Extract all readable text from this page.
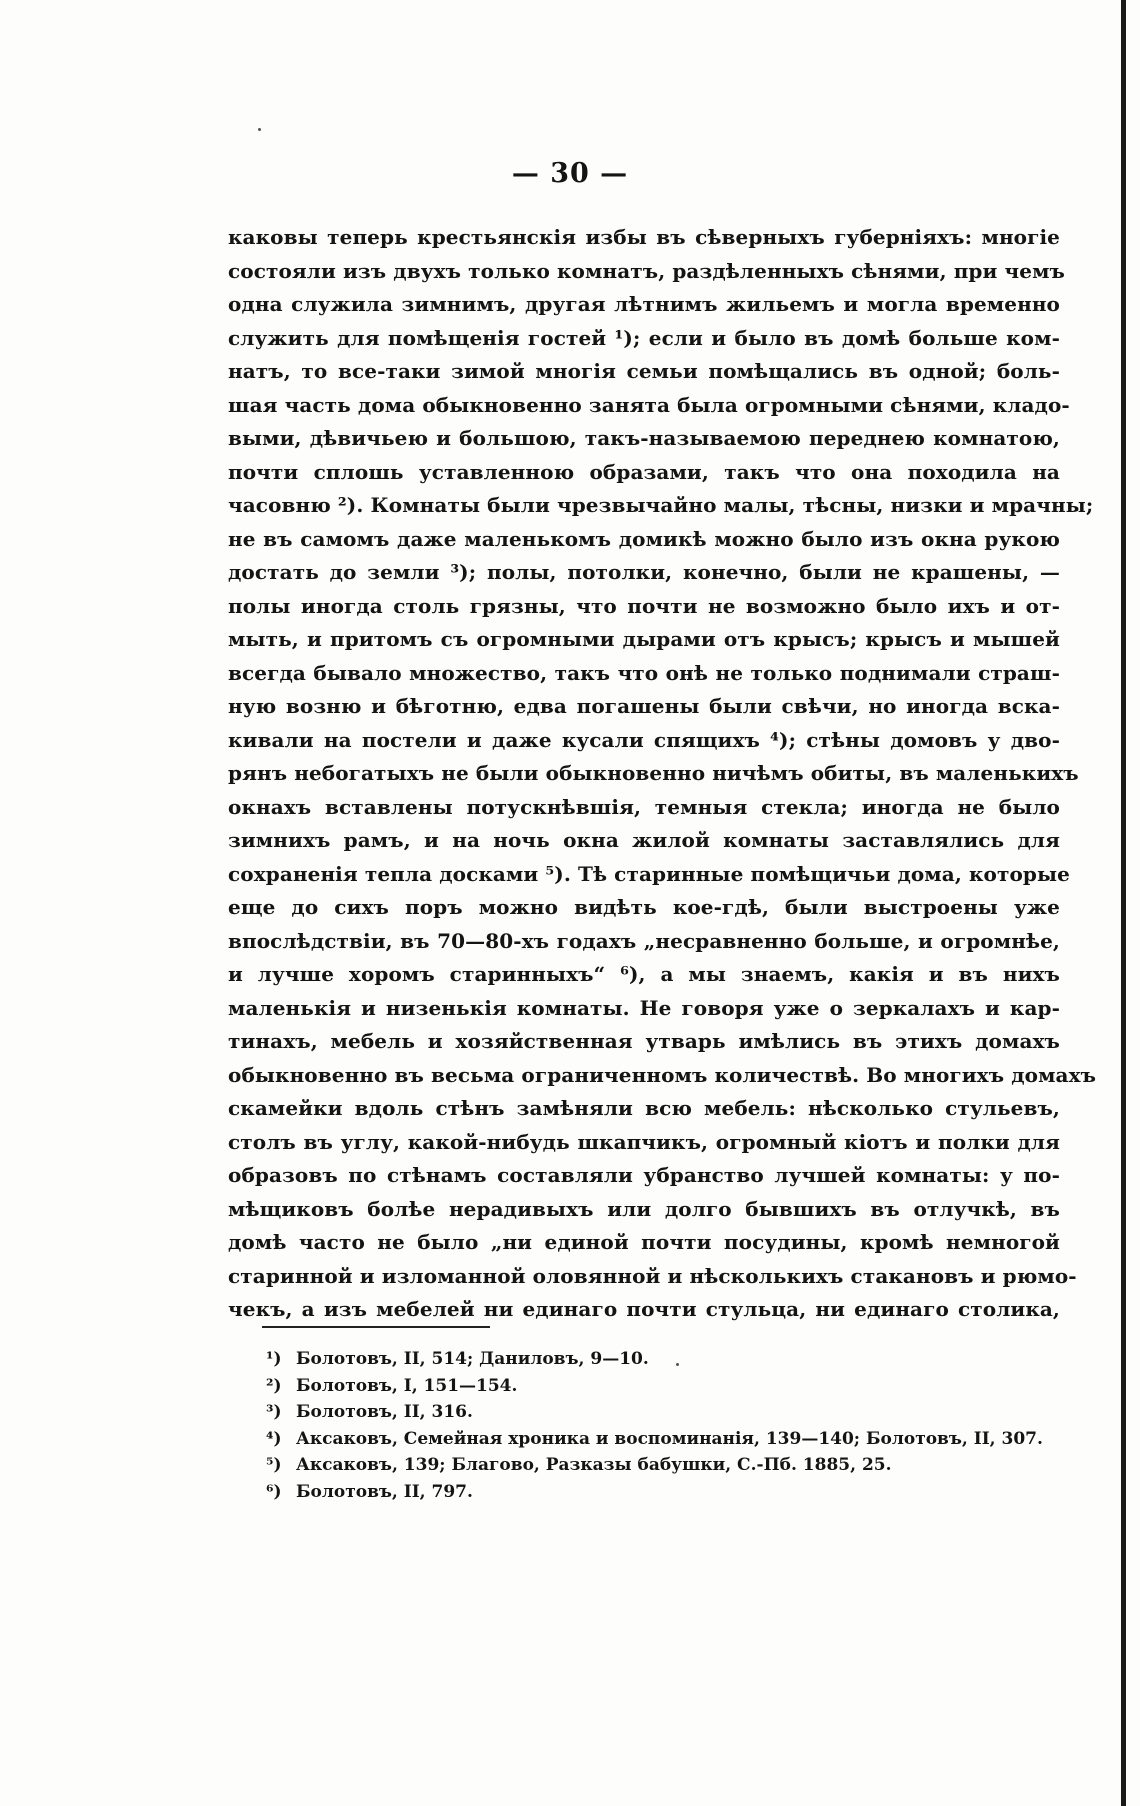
— 30 —
каковы теперь крестьянскія избы въ сѣверныхъ губерніяхъ: многіе
состояли изъ двухъ только комнатъ, раздѣленныхъ сѣнями, при чемъ
одна служила зимнимъ, другая лѣтнимъ жильемъ и могла временно
служить для помѣщенія гостей ¹); если и было въ домѣ больше ком-
натъ, то все-таки зимой многія семьи помѣщались въ одной; боль-
шая часть дома обыкновенно занята была огромными сѣнями, кладо-
выми, дѣвичьею и большою, такъ-называемою переднею комнатою,
почти сплошь уставленною образами, такъ что она походила на
часовню ²). Комнаты были чрезвычайно малы, тѣсны, низки и мрачны;
не въ самомъ даже маленькомъ домикѣ можно было изъ окна рукою
достать до земли ³); полы, потолки, конечно, были не крашены, —
полы иногда столь грязны, что почти не возможно было ихъ и от-
мыть, и притомъ съ огромными дырами отъ крысъ; крысъ и мышей
всегда бывало множество, такъ что онѣ не только поднимали страш-
ную возню и бѣготню, едва погашены были свѣчи, но иногда вска-
кивали на постели и даже кусали спящихъ ⁴); стѣны домовъ у дво-
рянъ небогатыхъ не были обыкновенно ничѣмъ обиты, въ маленькихъ
окнахъ вставлены потускнѣвшія, темныя стекла; иногда не было
зимнихъ рамъ, и на ночь окна жилой комнаты заставлялись для
сохраненія тепла досками ⁵). Тѣ старинные помѣщичьи дома, которые
еще до сихъ поръ можно видѣть кое-гдѣ, были выстроены уже
впослѣдствіи, въ 70—80-хъ годахъ „несравненно больше, и огромнѣе,
и лучше хоромъ старинныхъ“ ⁶), а мы знаемъ, какія и въ нихъ
маленькія и низенькія комнаты. Не говоря уже о зеркалахъ и кар-
тинахъ, мебель и хозяйственная утварь имѣлись въ этихъ домахъ
обыкновенно въ весьма ограниченномъ количествѣ. Во многихъ домахъ
скамейки вдоль стѣнъ замѣняли всю мебель: нѣсколько стульевъ,
столъ въ углу, какой-нибудь шкапчикъ, огромный кіотъ и полки для
образовъ по стѣнамъ составляли убранство лучшей комнаты: у по-
мѣщиковъ болѣе нерадивыхъ или долго бывшихъ въ отлучкѣ, въ
домѣ часто не было „ни единой почти посудины, кромѣ немногой
старинной и изломанной оловянной и нѣсколькихъ стакановъ и рюмо-
чекъ, а изъ мебелей ни единаго почти стульца, ни единаго столика,
¹) Болотовъ, II, 514; Даниловъ, 9—10.
²) Болотовъ, I, 151—154.
³) Болотовъ, II, 316.
⁴) Аксаковъ, Семейная хроника и воспоминанія, 139—140; Болотовъ, II, 307.
⁵) Аксаковъ, 139; Благово, Разказы бабушки, С.-Пб. 1885, 25.
⁶) Болотовъ, II, 797.
